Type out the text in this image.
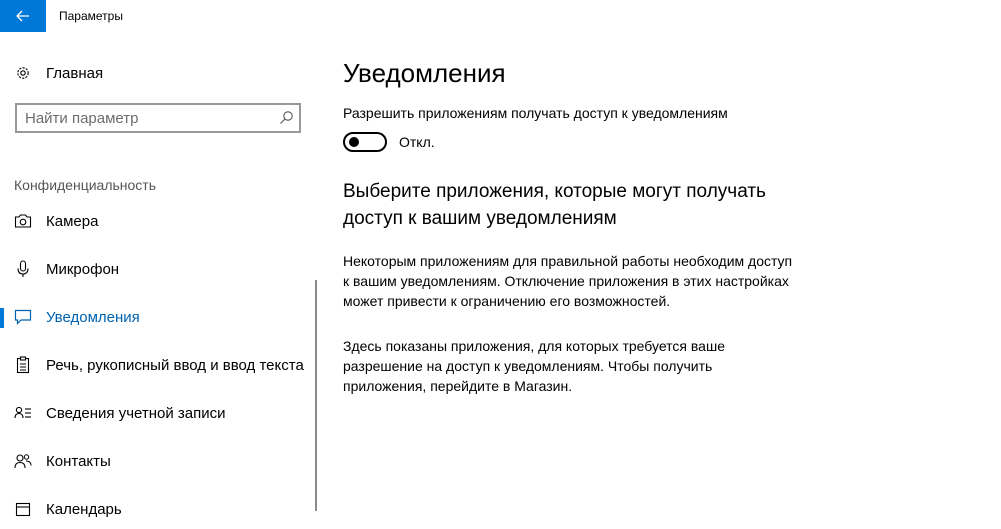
Параметры
Главная
Найти параметр
Конфиденциальность
Камера
Микрофон
Уведомления
Речь, рукописный ввод и ввод текста
Сведения учетной записи
Контакты
Календарь
Уведомления
Разрешить приложениям получать доступ к уведомлениям
Откл.
Выберите приложения, которые могут получать доступ к вашим уведомлениям

Некоторым приложениям для правильной работы необходим доступ к вашим уведомлениям. Отключение приложения в этих настройках может привести к ограничению его возможностей.

Здесь показаны приложения, для которых требуется ваше разрешение на доступ к уведомлениям. Чтобы получить приложения, перейдите в Магазин.
